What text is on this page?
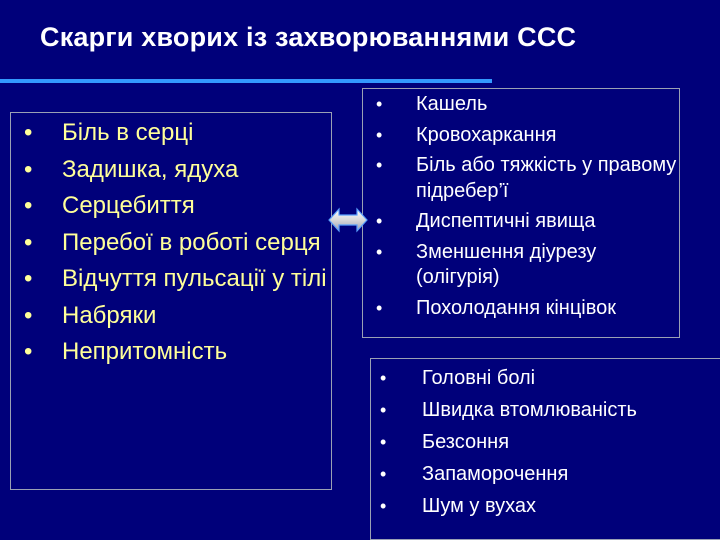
Скарги хворих із захворюваннями ССС
• Біль в серці
• Задишка, ядуха
• Серцебиття
• Перебої в роботі серця
• Відчуття пульсації у тілі
• Набряки
• Непритомність
• Кашель
• Кровохаркання
• Біль або тяжкість у правому підребер’ї
• Диспептичні явища
• Зменшення діурезу (олігурія)
• Похолодання кінцівок
• Головні болі
• Швидка втомлюваність
• Безсоння
• Запаморочення
• Шум у вухах
